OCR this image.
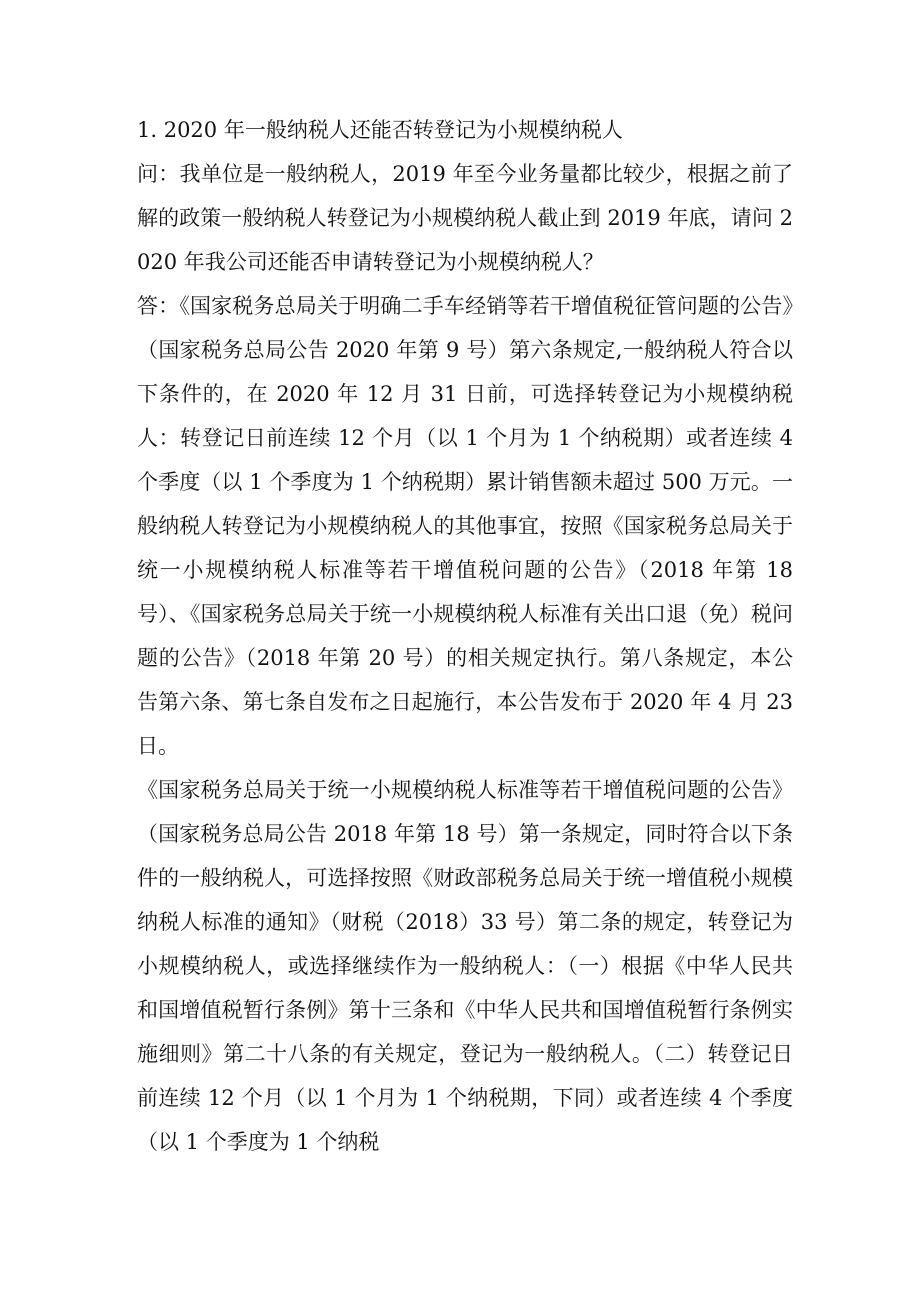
1. 2020 年一般纳税人还能否转登记为小规模纳税人

问：我单位是一般纳税人，2019 年至今业务量都比较少，根据之前了解的政策一般纳税人转登记为小规模纳税人截止到 2019 年底，请问 2020 年我公司还能否申请转登记为小规模纳税人？

答：《国家税务总局关于明确二手车经销等若干增值税征管问题的公告》（国家税务总局公告 2020 年第 9 号）第六条规定,一般纳税人符合以下条件的，在 2020 年 12 月 31 日前，可选择转登记为小规模纳税人：转登记日前连续 12 个月（以 1 个月为 1 个纳税期）或者连续 4 个季度（以 1 个季度为 1 个纳税期）累计销售额未超过 500 万元。一般纳税人转登记为小规模纳税人的其他事宜，按照《国家税务总局关于统一小规模纳税人标准等若干增值税问题的公告》（2018 年第 18 号）、《国家税务总局关于统一小规模纳税人标准有关出口退（免）税问题的公告》（2018 年第 20 号）的相关规定执行。第八条规定，本公告第六条、第七条自发布之日起施行，本公告发布于 2020 年 4 月 23 日。

《国家税务总局关于统一小规模纳税人标准等若干增值税问题的公告》（国家税务总局公告 2018 年第 18 号）第一条规定，同时符合以下条件的一般纳税人，可选择按照《财政部税务总局关于统一增值税小规模纳税人标准的通知》（财税（2018）33 号）第二条的规定，转登记为小规模纳税人，或选择继续作为一般纳税人：（一）根据《中华人民共和国增值税暂行条例》第十三条和《中华人民共和国增值税暂行条例实施细则》第二十八条的有关规定，登记为一般纳税人。（二）转登记日前连续 12 个月（以 1 个月为 1 个纳税期，下同）或者连续 4 个季度（以 1 个季度为 1 个纳税
